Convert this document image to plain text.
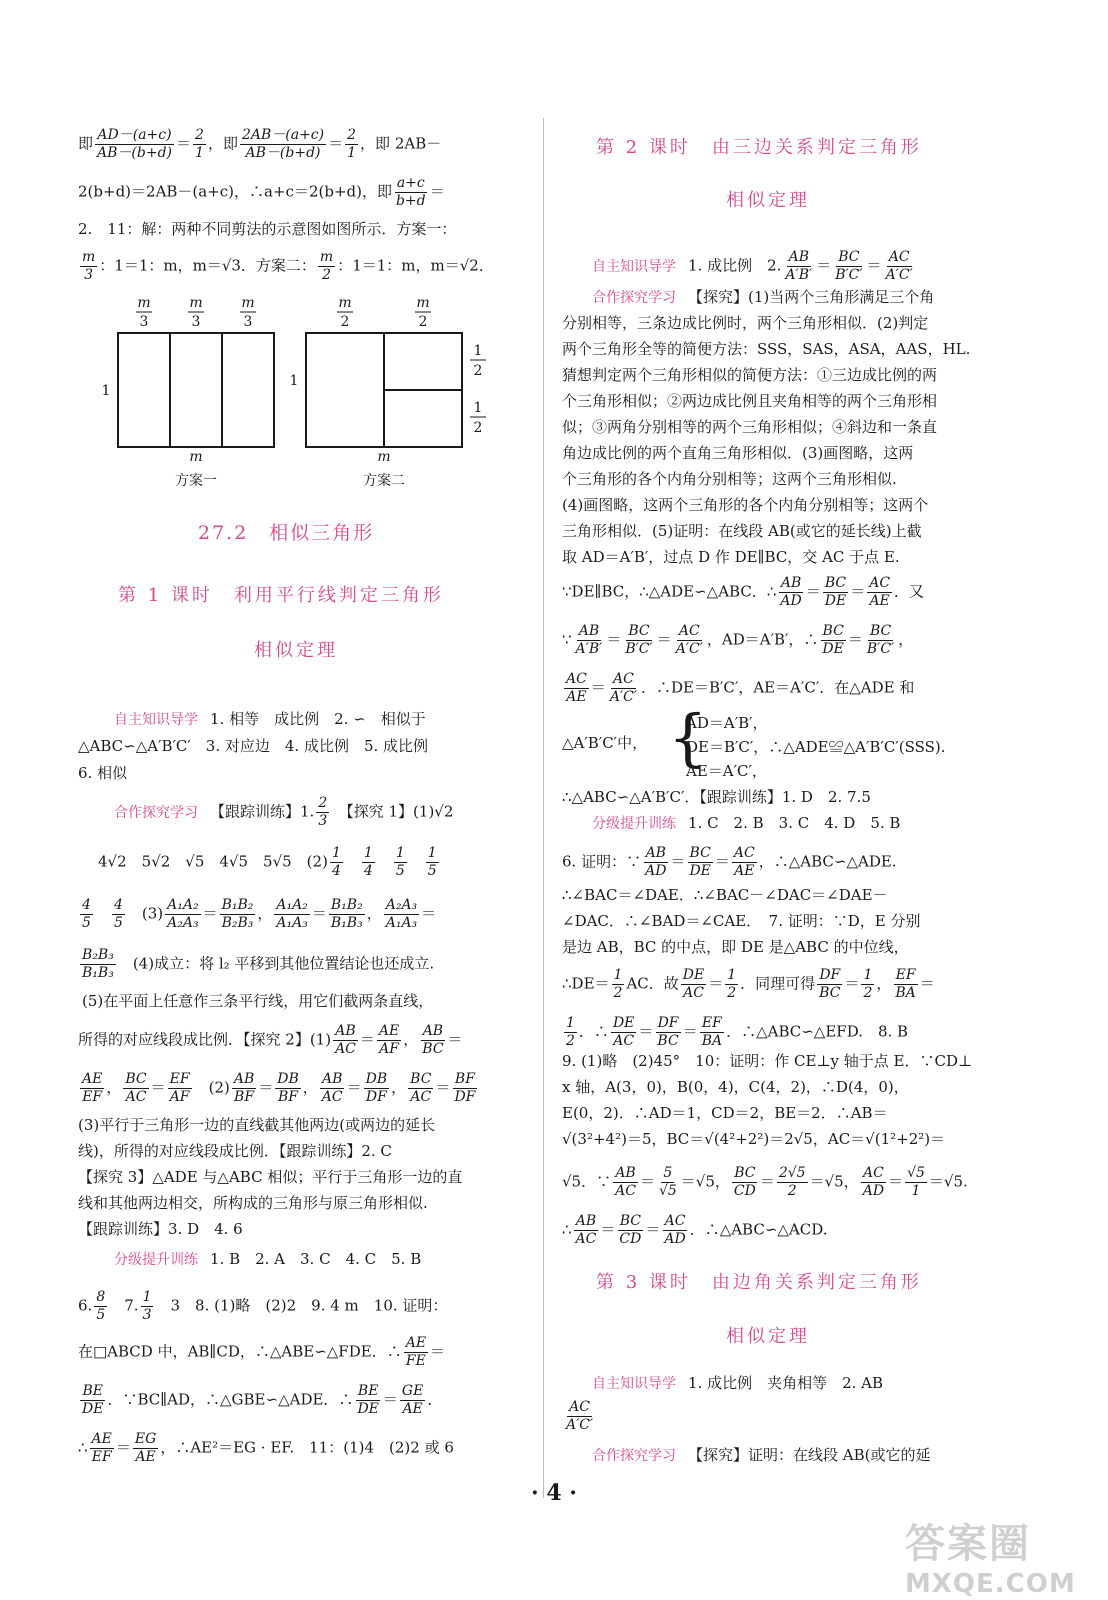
即 $\frac{AD-(a+c)}{AB-(b+d)} = \frac{2}{1}$ ，即 $\frac{2AB-(a+c)}{AB-(b+d)} = \frac{2}{1}$ ，即 2AB－
2(b+d)＝2AB－(a+c)，∴a+c＝2(b+d)，即 $\frac{a+c}{b+d}$ ＝
2.　11：解：两种不同剪法的示意图如图所示．方案一：
$\frac{m}{3}$ ：1＝1：m，m＝√3．方案二： $\frac{m}{2}$ ：1＝1：m，m＝√2．
m
3
m
3
m
3
1
m
方案一
m
2
m
2
1
2
1
2
1
m
方案二
27.2　相似三角形
第 1 课时　利用平行线判定三角形
相似定理
自主知识导学 1. 相等　成比例　2. ∽　相似于
△ABC∽△A′B′C′　3. 对应边　4. 成比例　5. 成比例
6. 相似
合作探究学习 【跟踪训练】1. $\frac{2}{3}$
　 【探究 1】(1)√2
4√2　5√2　√5　4√5　5√5　$(2) \frac{1}{4}$
　 $\frac{1}{4}$
　 $\frac{1}{5}$
　 $\frac{1}{5}$
$\frac{4}{5}$
　 $\frac{4}{5}$
　 $(3) \frac{\text{A₁A₂}}{\text{A₂A₃}} = \frac{\text{B₁B₂}}{\text{B₂B₃}}$ ， $\frac{\text{A₁A₂}}{\text{A₁A₃}} = \frac{\text{B₁B₂}}{\text{B₁B₃}}$ ， $\frac{\text{A₂A₃}}{\text{A₁A₃}}$ ＝
$\frac{\text{B₂B₃}}{\text{B₁B₃}}$
　 (4)成立：将 l₂ 平移到其他位置结论也还成立.
(5)在平面上任意作三条平行线，用它们截两条直线，
所得的对应线段成比例．【探究 2】$(1) \frac{AB}{AC} = \frac{AE}{AF}$ ， $\frac{AB}{BC}$ ＝
$\frac{AE}{EF}$ ， $\frac{BC}{AC} = \frac{EF}{AF}$
　 $(2) \frac{AB}{BF} = \frac{DB}{BF}$ ， $\frac{AB}{AC} = \frac{DB}{DF}$ ， $\frac{BC}{AC} = \frac{BF}{DF}$
(3)平行于三角形一边的直线截其他两边(或两边的延长
线)，所得的对应线段成比例．【跟踪训练】2. C
【探究 3】△ADE 与△ABC 相似；平行于三角形一边的直
线和其他两边相交，所构成的三角形与原三角形相似.
【跟踪训练】3. D　4. 6
分级提升训练 1. B　2. A　3. C　4. C　5. B
6. $\frac{8}{5}$
　 7. $\frac{1}{3}$
　 3　8. (1)略　(2)2　9. 4 m　10. 证明：
在□ABCD 中，AB∥CD，∴△ABE∽△FDE．∴ $\frac{AE}{FE}$ ＝
$\frac{BE}{DE}$ ．∵BC∥AD，∴△GBE∽△ADE．∴ $\frac{BE}{DE} = \frac{GE}{AE}$ ．
∴ $\frac{AE}{EF} = \frac{EG}{AE}$ ，∴AE²＝EG · EF.　11：(1)4　(2)2 或 6
第 2 课时　由三边关系判定三角形
相似定理
自主知识导学 1. 成比例　2. $\frac{AB}{A'B'} = \frac{BC}{B'C'} = \frac{AC}{A'C'}$
合作探究学习 【探究】(1)当两个三角形满足三个角
分别相等，三条边成比例时，两个三角形相似．(2)判定
两个三角形全等的简便方法：SSS，SAS，ASA，AAS，HL.
猜想判定两个三角形相似的简便方法：①三边成比例的两
个三角形相似；②两边成比例且夹角相等的两个三角形相
似；③两角分别相等的两个三角形相似；④斜边和一条直
角边成比例的两个直角三角形相似．(3)画图略，这两
个三角形的各个内角分别相等；这两个三角形相似.
(4)画图略，这两个三角形的各个内角分别相等；这两个
三角形相似．(5)证明：在线段 AB(或它的延长线)上截
取 AD＝A′B′，过点 D 作 DE∥BC，交 AC 于点 E.
∵DE∥BC，∴△ADE∽△ABC．∴ $\frac{AB}{AD} = \frac{BC}{DE} = \frac{AC}{AE}$ ．又
∵ $\frac{AB}{A'B'} = \frac{BC}{B'C'} = \frac{AC}{A'C'}$ ，AD＝A′B′，∴ $\frac{BC}{DE} = \frac{BC}{B'C'}$ ，
$\frac{AC}{AE} = \frac{AC}{A'C'}$ ．∴DE＝B′C′，AE＝A′C′．在△ADE 和
△A′B′C′中， {
AD＝A′B′，
DE＝B′C′，∴△ADE≌△A′B′C′(SSS).
AE＝A′C′，
∴△ABC∽△A′B′C′．【跟踪训练】1. D　2. 7.5
分级提升训练 1. C　2. B　3. C　4. D　5. B
6. 证明：∵ $\frac{AB}{AD} = \frac{BC}{DE} = \frac{AC}{AE}$ ，∴△ABC∽△ADE.
∴∠BAC＝∠DAE．∴∠BAC－∠DAC＝∠DAE－
∠DAC．∴∠BAD＝∠CAE．　7. 证明：∵D，E 分别
是边 AB，BC 的中点，即 DE 是△ABC 的中位线，
∴DE＝ $\frac{1}{2}$ AC．故 $\frac{DE}{AC} = \frac{1}{2}$ ．同理可得 $\frac{DF}{BC} = \frac{1}{2}$ ， $\frac{EF}{BA}$ ＝
$\frac{1}{2}$ ．∴ $\frac{DE}{AC} = \frac{DF}{BC} = \frac{EF}{BA}$ ．∴△ABC∽△EFD.　8. B
9. (1)略　(2)45°　10：证明：作 CE⊥y 轴于点 E．∵CD⊥
x 轴，A(3，0)，B(0，4)，C(4，2)，∴D(4，0)，
E(0，2)．∴AD＝1，CD＝2，BE＝2．∴AB＝
√(3²+4²)＝5，BC＝√(4²+2²)＝2√5，AC＝√(1²+2²)＝
√5．∵ $\frac{AB}{AC} = \frac{5}{√5} =√5$， $\frac{BC}{CD} = \frac{2√5}{2} =√5$， $\frac{AC}{AD} = \frac{√5}{1} =√5$.
∴ $\frac{AB}{AC} = \frac{BC}{CD} = \frac{AC}{AD}$ ．∴△ABC∽△ACD.
第 3 课时　由边角关系判定三角形
相似定理
自主知识导学 1. 成比例　夹角相等　2. AB
$\frac{AC}{A'C'}$
合作探究学习 【探究】证明：在线段 AB(或它的延
· 4 ·
答案圈
MXQE.COM
